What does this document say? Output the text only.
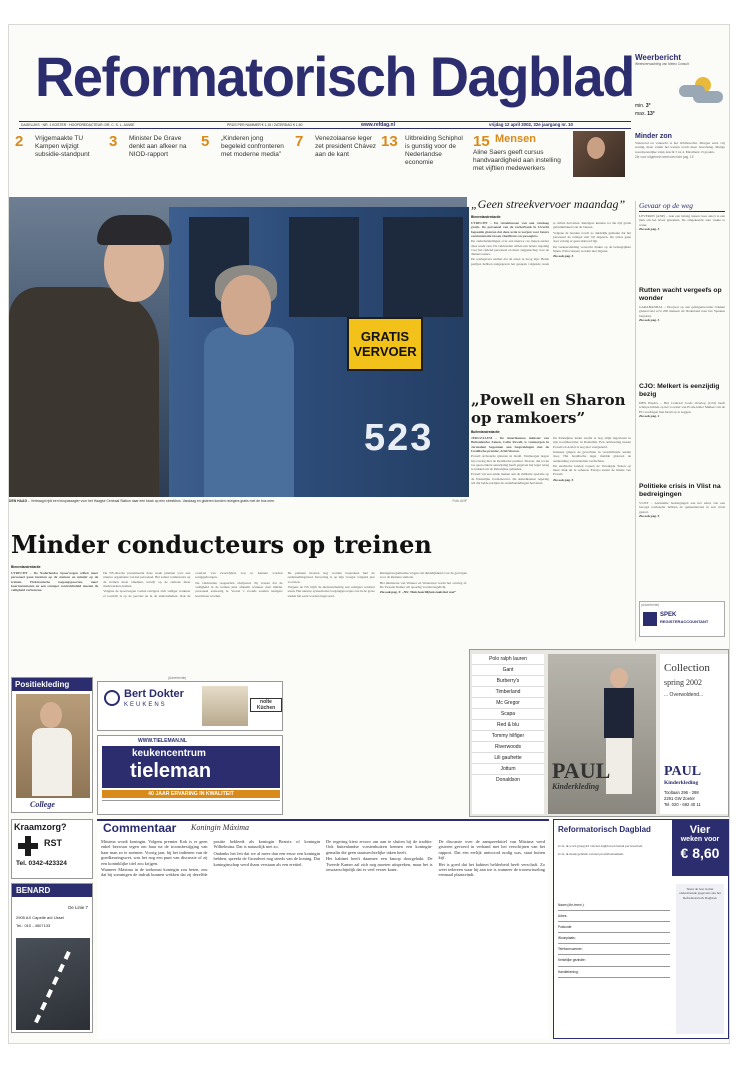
Reformatorisch Dagblad Weerbericht
Weersverwachting van Meteo Consult
min. 3°
max. 13°
DAGELIJKS · NR. 1 KOSTER · HOOFDREDACTEUR: DR. C. S. L. JANSE	PRIJS PER NUMMER € 1,15 / ZATERDAG € 1,60	www.refdag.nl	vrijdag 12 april 2002, 32e jaargang nr. 10
2 Vrijgemaakte TU Kampen wijzigt subsidie-standpunt
3 Minister De Grave denkt aan afkeer na NIOD-rapport
5 „Kinderen jong begeleid confronteren met moderne media”
7 Venezolaanse leger zet president Chávez aan de kant
13 Uitbreiding Schiphol is gunstig voor de Nederlandse economie
15 Mensen
Aline Saers geeft cursus handvaardigheid aan instelling met vijftien medewerkers
Minder zon
Vanavond en vannacht is het lichtbewolkt. Morgen eerst vrij zonnig, maar vanuit het westen wordt meer bewolking. Matige noordwestelijke wind, kracht 3 tot 4. Maximaal 13 graden.
Zie voor uitgebreid weeroverzicht pag. 16
GRATIS VERVOER
523
DEN HAAG – Vertraagd rijdt een buspassagier voor het Haagse Centraal Station naar een kiosk op een streekbus. Vandaag en gisteren konden reizigers gratis met de bus mee.	Foto ANP
„Geen streekvervoer maandag”
Binnenlandredactie

UTRECHT – De streekbussen van ook vandaag gratis. De personeel van de recherbank in Utrecht bepaalde gisteren dat deze actie te zorgen voor betere communicatie tussen chauffeurs en passagiers.

De onderhandelingen over een nieuwe cao liepen eerder deze week vast. De vakbonden willen een betere regeling voor het rijdend personeel en meer zeggenschap over de dienstroosters.

De werkgevers stellen dat de eisen te hoog zijn. Beide partijen hebben aangegeven het gesprek volgende week te willen hervatten. Reizigers kunnen tot die tijd gratis gebruikmaken van de bussen.

Volgens de bonden wordt zo duidelijk gemaakt dat het personeel de reiziger niet wil duperen. De acties gaan door zolang er geen akkoord ligt.

De verkeersleiding verwacht drukte op de belangrijkste lijnen. Extra bussen worden niet ingezet.

Zie ook pag. 3

„Powell en Sharon op ramkoers”
Buitenlandredactie

JERUZALEM – De Amerikaanse minister van Buitenlandse Zaken, Colin Powell, is vanmorgen in Jeruzalem begonnen aan besprekingen met de Israëlische premier, Ariël Sharon.

Powell arriveerde gisteren in Israël. Vanmorgen begon hij overleg met de Israëlische premier. Sharon, die tot nu toe geen enkele aanwijzing heeft gegeven het leger terug te trekken uit de Palestijnse gebieden.

Powell wil een einde maken aan de militaire operatie op de Westelijke Jordaanoever. De Amerikaanse regering wil dat beide partijen de onderhandelingen hervatten.

De Palestijnse leider Arafat is nog altijd ingesloten in zijn hoofdkwartier in Ramallah. Een ontmoeting tussen Powell en Arafat is nog niet vastgesteld.

Intussen gingen de gevechten in verschillende steden door. Het Israëlische leger meldde gisteren de aanhouding van tientallen verdachten.

De Arabische landen roepen de Verenigde Staten op meer druk uit te oefenen. Europa steunt de missie van Powell.

Zie ook pag. 5

Gevaar op de weg
LEVERON (ANP) – Aan een belang tussen twee auto's is een man om het leven gekomen. De omgekeerde auto raakte te water.
Zie ook pag. 3
Rutten wacht vergeefs op wonder
GARABANDAL – Hoopvol op een getuigenwonder trokken gisteravond zo'n 200 mensen uit Nederland naar het Spaanse bergdorp.
Zie ook pag. 3
CJO: Melkert is eenzijdig bezig
DEN HAAG – Het Centraal Joods Overleg (CJO) heeft scherpe kritiek op het voorstel van PvdA-leider Melkert om de EU-verdragen met Israël op te zeggen.
Zie ook pag. 2
Politieke crisis in Vlist na bedreigingen
VLIST – Anonieme bedreigingen aan het adres van een beoogd wethouder hebben de gemeenteraad in een crisis gestort.
Zie ook pag. 5
(Advertentie)
SPEK
REGISTERACCOUNTANT
Minder conducteurs op treinen
Binnenlandredactie

UTRECHT – De Nederlandse Spoorwegen willen meer personeel gaan inzetten op de stations en minder op de treinen. Elektronische toegangspoorten, meer kaartautomaten en een strenger controlebeleid moeten de veiligheid verbeteren.

De NS-directie presenteerde deze week plannen voor een nieuwe organisatie van het personeel. Het aantal conducteurs op de treinen moet afnemen, terwijl op de stations meer medewerkers komen.

Volgens de spoorwegen voelen reizigers zich veiliger wanneer er toezicht is op de perrons en in de stationshallen. Ook de overlast van zwartrijders zou zo kunnen worden teruggedrongen.

De vakbonden reageerden afwijzend. Zij vrezen dat de veiligheid in de treinen juist afneemt wanneer daar minder personeel aanwezig is. Vooral 's avonds zouden reizigers kwetsbaar worden.

De plannen moeten nog worden besproken met de ondernemingsraad. Invoering is op zijn vroegst volgend jaar voorzien.

Volgens de NS blijft de dienstverlening aan reizigers centraal staan. Het nieuwe systeem met toegangspoortjes zou in de grote steden het eerst worden ingevoerd.

Reizigersorganisaties vragen om duidelijkheid over de gevolgen voor de kleinere stations.

Het ministerie van Verkeer en Waterstaat wacht het overleg af. De Tweede Kamer wil spoedig worden ingelicht.

Zie ook pag. 3: „NS: Niets kan blijven zoals het was”

Positiekleding
College
(Advertentie)
Bert Dokter
KEUKENS	nolte Küchen
WWW.TIELEMAN.NL
keukencentrum
tieleman
40 JAAR ERVARING IN KWALITEIT
Kraamzorg?
RST
Tel. 0342-423324
BENARD
De Linie 7
2905 AX Capelle a/d IJssel
Tel.: 010 - 4507133
Polo ralph lauren
Gant
Burberry's
Timberland
Mc Gregor
Scapa
Red & blu
Tommy hilfiger
Riverwoods
Lili gaufrette
Jottum
Donaldson	PAUL
Kinderkleding
Collection
spring 2002
... Overwoldend...
PAUL
Kinderkleding
Tooltaan 296 - 298
2291 GW Zoeter
Tel. 020 - 692 40 11
Commentaar Koningin Máxima

Máxima wordt koningin. Volgens premier Kok is er geen enkel bezwaar tegen om haar na de troonsbestijging van haar man zo te noemen. Voorig jaar, bij het indienen van de goedkeuringswet, was het nog een punt van discussie of zij een koninklijke titel zou krijgen.

Wanneer Máxima in de toekomst koningin zou heten, zou dat bij sommigen de indruk kunnen wekken dat zij dezelfde positie bekleedt als koningin Beatrix of koningin Wilhelmina. Dat is natuurlijk niet zo.

Ondanks het feit dat we al meer dan een eeuw een koningin hebben, spreekt de Grondwet nog steeds van de koning. Dat koninginschap werd thans verstaan als een eretitel.

De regering kiest ervoor om aan te sluiten bij de traditie. Ook buitenlandse vorstenhuizen kennen een koningin-gemalin die geen staatsrechtelijke taken heeft.

Het kabinet heeft daarmee een knoop doorgehakt. De Tweede Kamer zal zich nog moeten uitspreken, maar het is onwaarschijnlijk dat er veel verzet komt.

De discussie over de aanspreektitel van Máxima werd gisteren gevoerd in verband met het verschijnen van het rapport. Dat een eerlijk antwoord nodig was, staat buiten kijf.

Het is goed dat het kabinet helderheid heeft verschaft. Zo weet iedereen waar hij aan toe is wanneer de troonwisseling eenmaal plaatsvindt.

Reformatorisch Dagblad	Vier
weken voor
€ 8,60
O Ja, ik word graag lid van het dagblad en betaal per kwartaal.
O Ja, ik maak gebruik van het proefabonnement.
Naam (dhr./mevr.):
Adres:
Postcode:
Woonplaats:
Telefoonnummer:
Kerkelijke gezindte:
Handtekening:
Stuur de bon in met onderstaande gegevens aan het Reformatorisch Dagblad.
